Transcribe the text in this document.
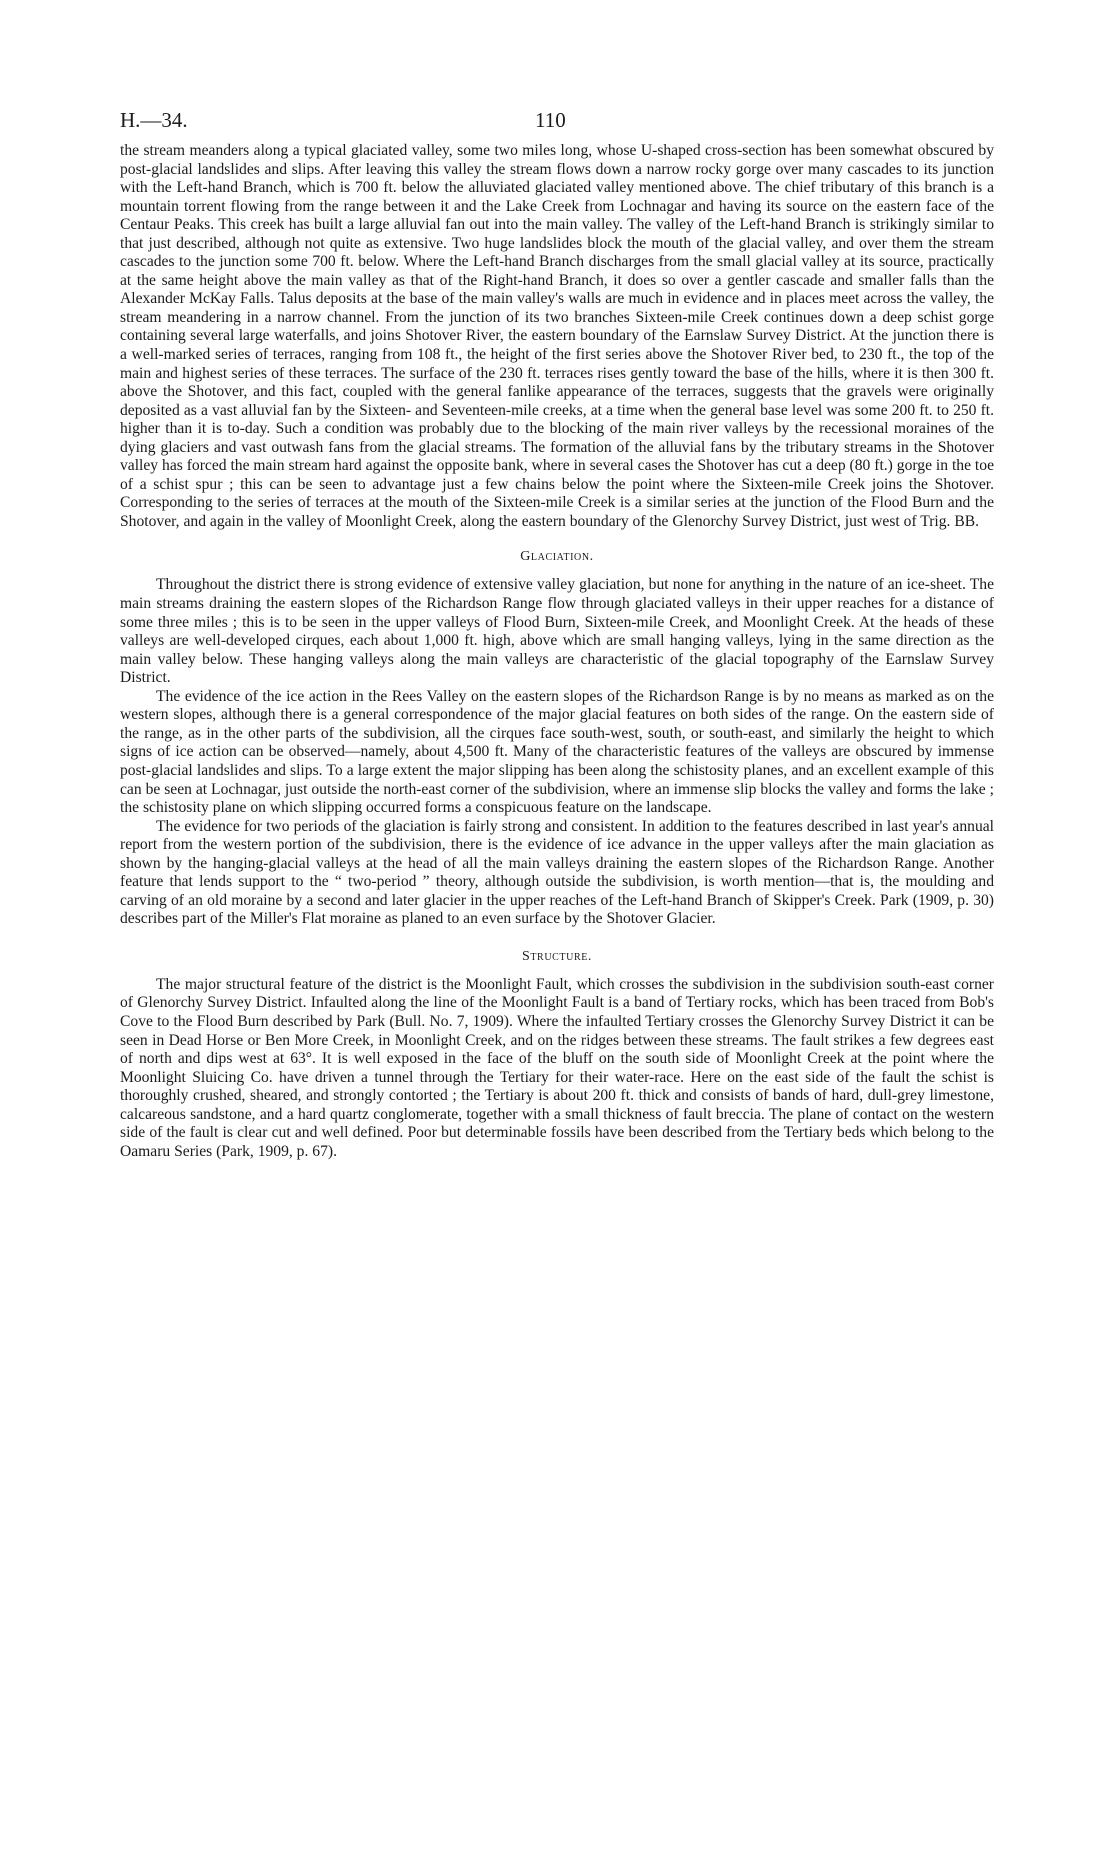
H.—34.	110

the stream meanders along a typical glaciated valley, some two miles long, whose U-shaped cross-section has been somewhat obscured by post-glacial landslides and slips. After leaving this valley the stream flows down a narrow rocky gorge over many cascades to its junction with the Left-hand Branch, which is 700 ft. below the alluviated glaciated valley mentioned above. The chief tributary of this branch is a mountain torrent flowing from the range between it and the Lake Creek from Lochnagar and having its source on the eastern face of the Centaur Peaks. This creek has built a large alluvial fan out into the main valley. The valley of the Left-hand Branch is strikingly similar to that just described, although not quite as extensive. Two huge landslides block the mouth of the glacial valley, and over them the stream cascades to the junction some 700 ft. below. Where the Left-hand Branch discharges from the small glacial valley at its source, practically at the same height above the main valley as that of the Right-hand Branch, it does so over a gentler cascade and smaller falls than the Alexander McKay Falls. Talus deposits at the base of the main valley's walls are much in evidence and in places meet across the valley, the stream meandering in a narrow channel. From the junction of its two branches Sixteen-mile Creek continues down a deep schist gorge containing several large waterfalls, and joins Shotover River, the eastern boundary of the Earnslaw Survey District. At the junction there is a well-marked series of terraces, ranging from 108 ft., the height of the first series above the Shotover River bed, to 230 ft., the top of the main and highest series of these terraces. The surface of the 230 ft. terraces rises gently toward the base of the hills, where it is then 300 ft. above the Shotover, and this fact, coupled with the general fanlike appearance of the terraces, suggests that the gravels were originally deposited as a vast alluvial fan by the Sixteen- and Seventeen-mile creeks, at a time when the general base level was some 200 ft. to 250 ft. higher than it is to-day. Such a condition was probably due to the blocking of the main river valleys by the recessional moraines of the dying glaciers and vast outwash fans from the glacial streams. The formation of the alluvial fans by the tributary streams in the Shotover valley has forced the main stream hard against the opposite bank, where in several cases the Shotover has cut a deep (80 ft.) gorge in the toe of a schist spur ; this can be seen to advantage just a few chains below the point where the Sixteen-mile Creek joins the Shotover. Corresponding to the series of terraces at the mouth of the Sixteen-mile Creek is a similar series at the junction of the Flood Burn and the Shotover, and again in the valley of Moonlight Creek, along the eastern boundary of the Glenorchy Survey District, just west of Trig. BB.

Glaciation.

Throughout the district there is strong evidence of extensive valley glaciation, but none for anything in the nature of an ice-sheet. The main streams draining the eastern slopes of the Richardson Range flow through glaciated valleys in their upper reaches for a distance of some three miles ; this is to be seen in the upper valleys of Flood Burn, Sixteen-mile Creek, and Moonlight Creek. At the heads of these valleys are well-developed cirques, each about 1,000 ft. high, above which are small hanging valleys, lying in the same direction as the main valley below. These hanging valleys along the main valleys are characteristic of the glacial topography of the Earnslaw Survey District.

The evidence of the ice action in the Rees Valley on the eastern slopes of the Richardson Range is by no means as marked as on the western slopes, although there is a general correspondence of the major glacial features on both sides of the range. On the eastern side of the range, as in the other parts of the subdivision, all the cirques face south-west, south, or south-east, and similarly the height to which signs of ice action can be observed—namely, about 4,500 ft. Many of the characteristic features of the valleys are obscured by immense post-glacial landslides and slips. To a large extent the major slipping has been along the schistosity planes, and an excellent example of this can be seen at Lochnagar, just outside the north-east corner of the subdivision, where an immense slip blocks the valley and forms the lake ; the schistosity plane on which slipping occurred forms a conspicuous feature on the landscape.

The evidence for two periods of the glaciation is fairly strong and consistent. In addition to the features described in last year's annual report from the western portion of the subdivision, there is the evidence of ice advance in the upper valleys after the main glaciation as shown by the hanging-glacial valleys at the head of all the main valleys draining the eastern slopes of the Richardson Range. Another feature that lends support to the “ two-period ” theory, although outside the subdivision, is worth mention—that is, the moulding and carving of an old moraine by a second and later glacier in the upper reaches of the Left-hand Branch of Skipper's Creek. Park (1909, p. 30) describes part of the Miller's Flat moraine as planed to an even surface by the Shotover Glacier.

Structure.

The major structural feature of the district is the Moonlight Fault, which crosses the subdivision in the subdivision south-east corner of Glenorchy Survey District. Infaulted along the line of the Moonlight Fault is a band of Tertiary rocks, which has been traced from Bob's Cove to the Flood Burn described by Park (Bull. No. 7, 1909). Where the infaulted Tertiary crosses the Glenorchy Survey District it can be seen in Dead Horse or Ben More Creek, in Moonlight Creek, and on the ridges between these streams. The fault strikes a few degrees east of north and dips west at 63°. It is well exposed in the face of the bluff on the south side of Moonlight Creek at the point where the Moonlight Sluicing Co. have driven a tunnel through the Tertiary for their water-race. Here on the east side of the fault the schist is thoroughly crushed, sheared, and strongly contorted ; the Tertiary is about 200 ft. thick and consists of bands of hard, dull-grey limestone, calcareous sandstone, and a hard quartz conglomerate, together with a small thickness of fault breccia. The plane of contact on the western side of the fault is clear cut and well defined. Poor but determinable fossils have been described from the Tertiary beds which belong to the Oamaru Series (Park, 1909, p. 67).
